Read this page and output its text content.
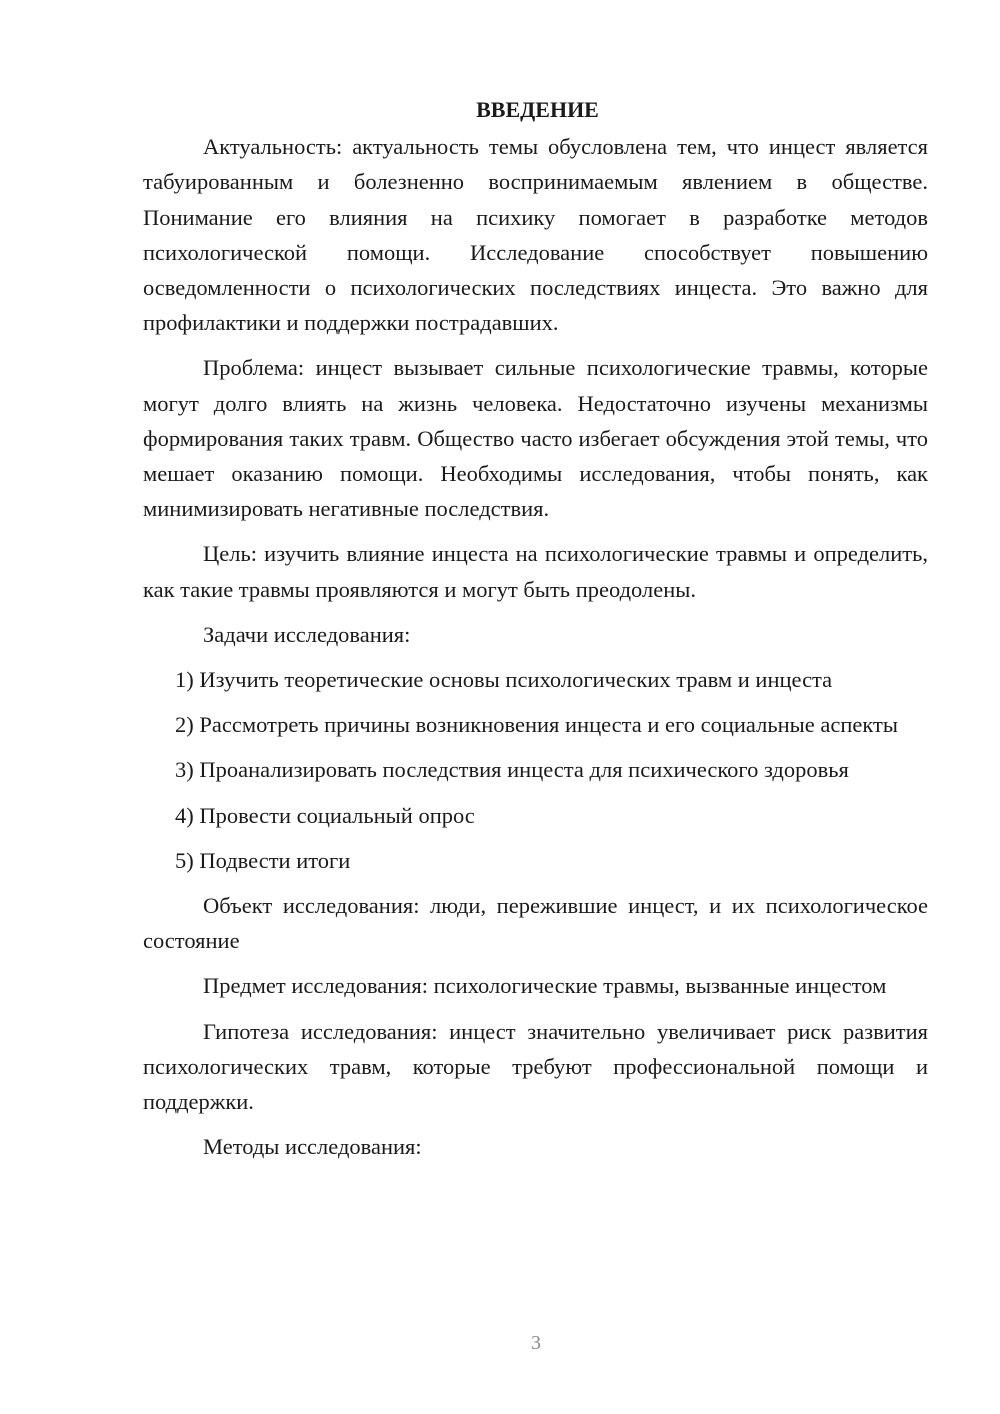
ВВЕДЕНИЕ

Актуальность: актуальность темы обусловлена тем, что инцест является табуированным и болезненно воспринимаемым явлением в обществе. Понимание его влияния на психику помогает в разработке методов психологической помощи. Исследование способствует повышению осведомленности о психологических последствиях инцеста. Это важно для профилактики и поддержки пострадавших.

Проблема: инцест вызывает сильные психологические травмы, которые могут долго влиять на жизнь человека. Недостаточно изучены механизмы формирования таких травм. Общество часто избегает обсуждения этой темы, что мешает оказанию помощи. Необходимы исследования, чтобы понять, как минимизировать негативные последствия.

Цель: изучить влияние инцеста на психологические травмы и определить, как такие травмы проявляются и могут быть преодолены.

Задачи исследования:

1) Изучить теоретические основы психологических травм и инцеста

2) Рассмотреть причины возникновения инцеста и его социальные аспекты

3) Проанализировать последствия инцеста для психического здоровья

4) Провести социальный опрос

5) Подвести итоги

Объект исследования: люди, пережившие инцест, и их психологическое состояние

Предмет исследования: психологические травмы, вызванные инцестом

Гипотеза исследования: инцест значительно увеличивает риск развития психологических травм, которые требуют профессиональной помощи и поддержки.

Методы исследования:

3
